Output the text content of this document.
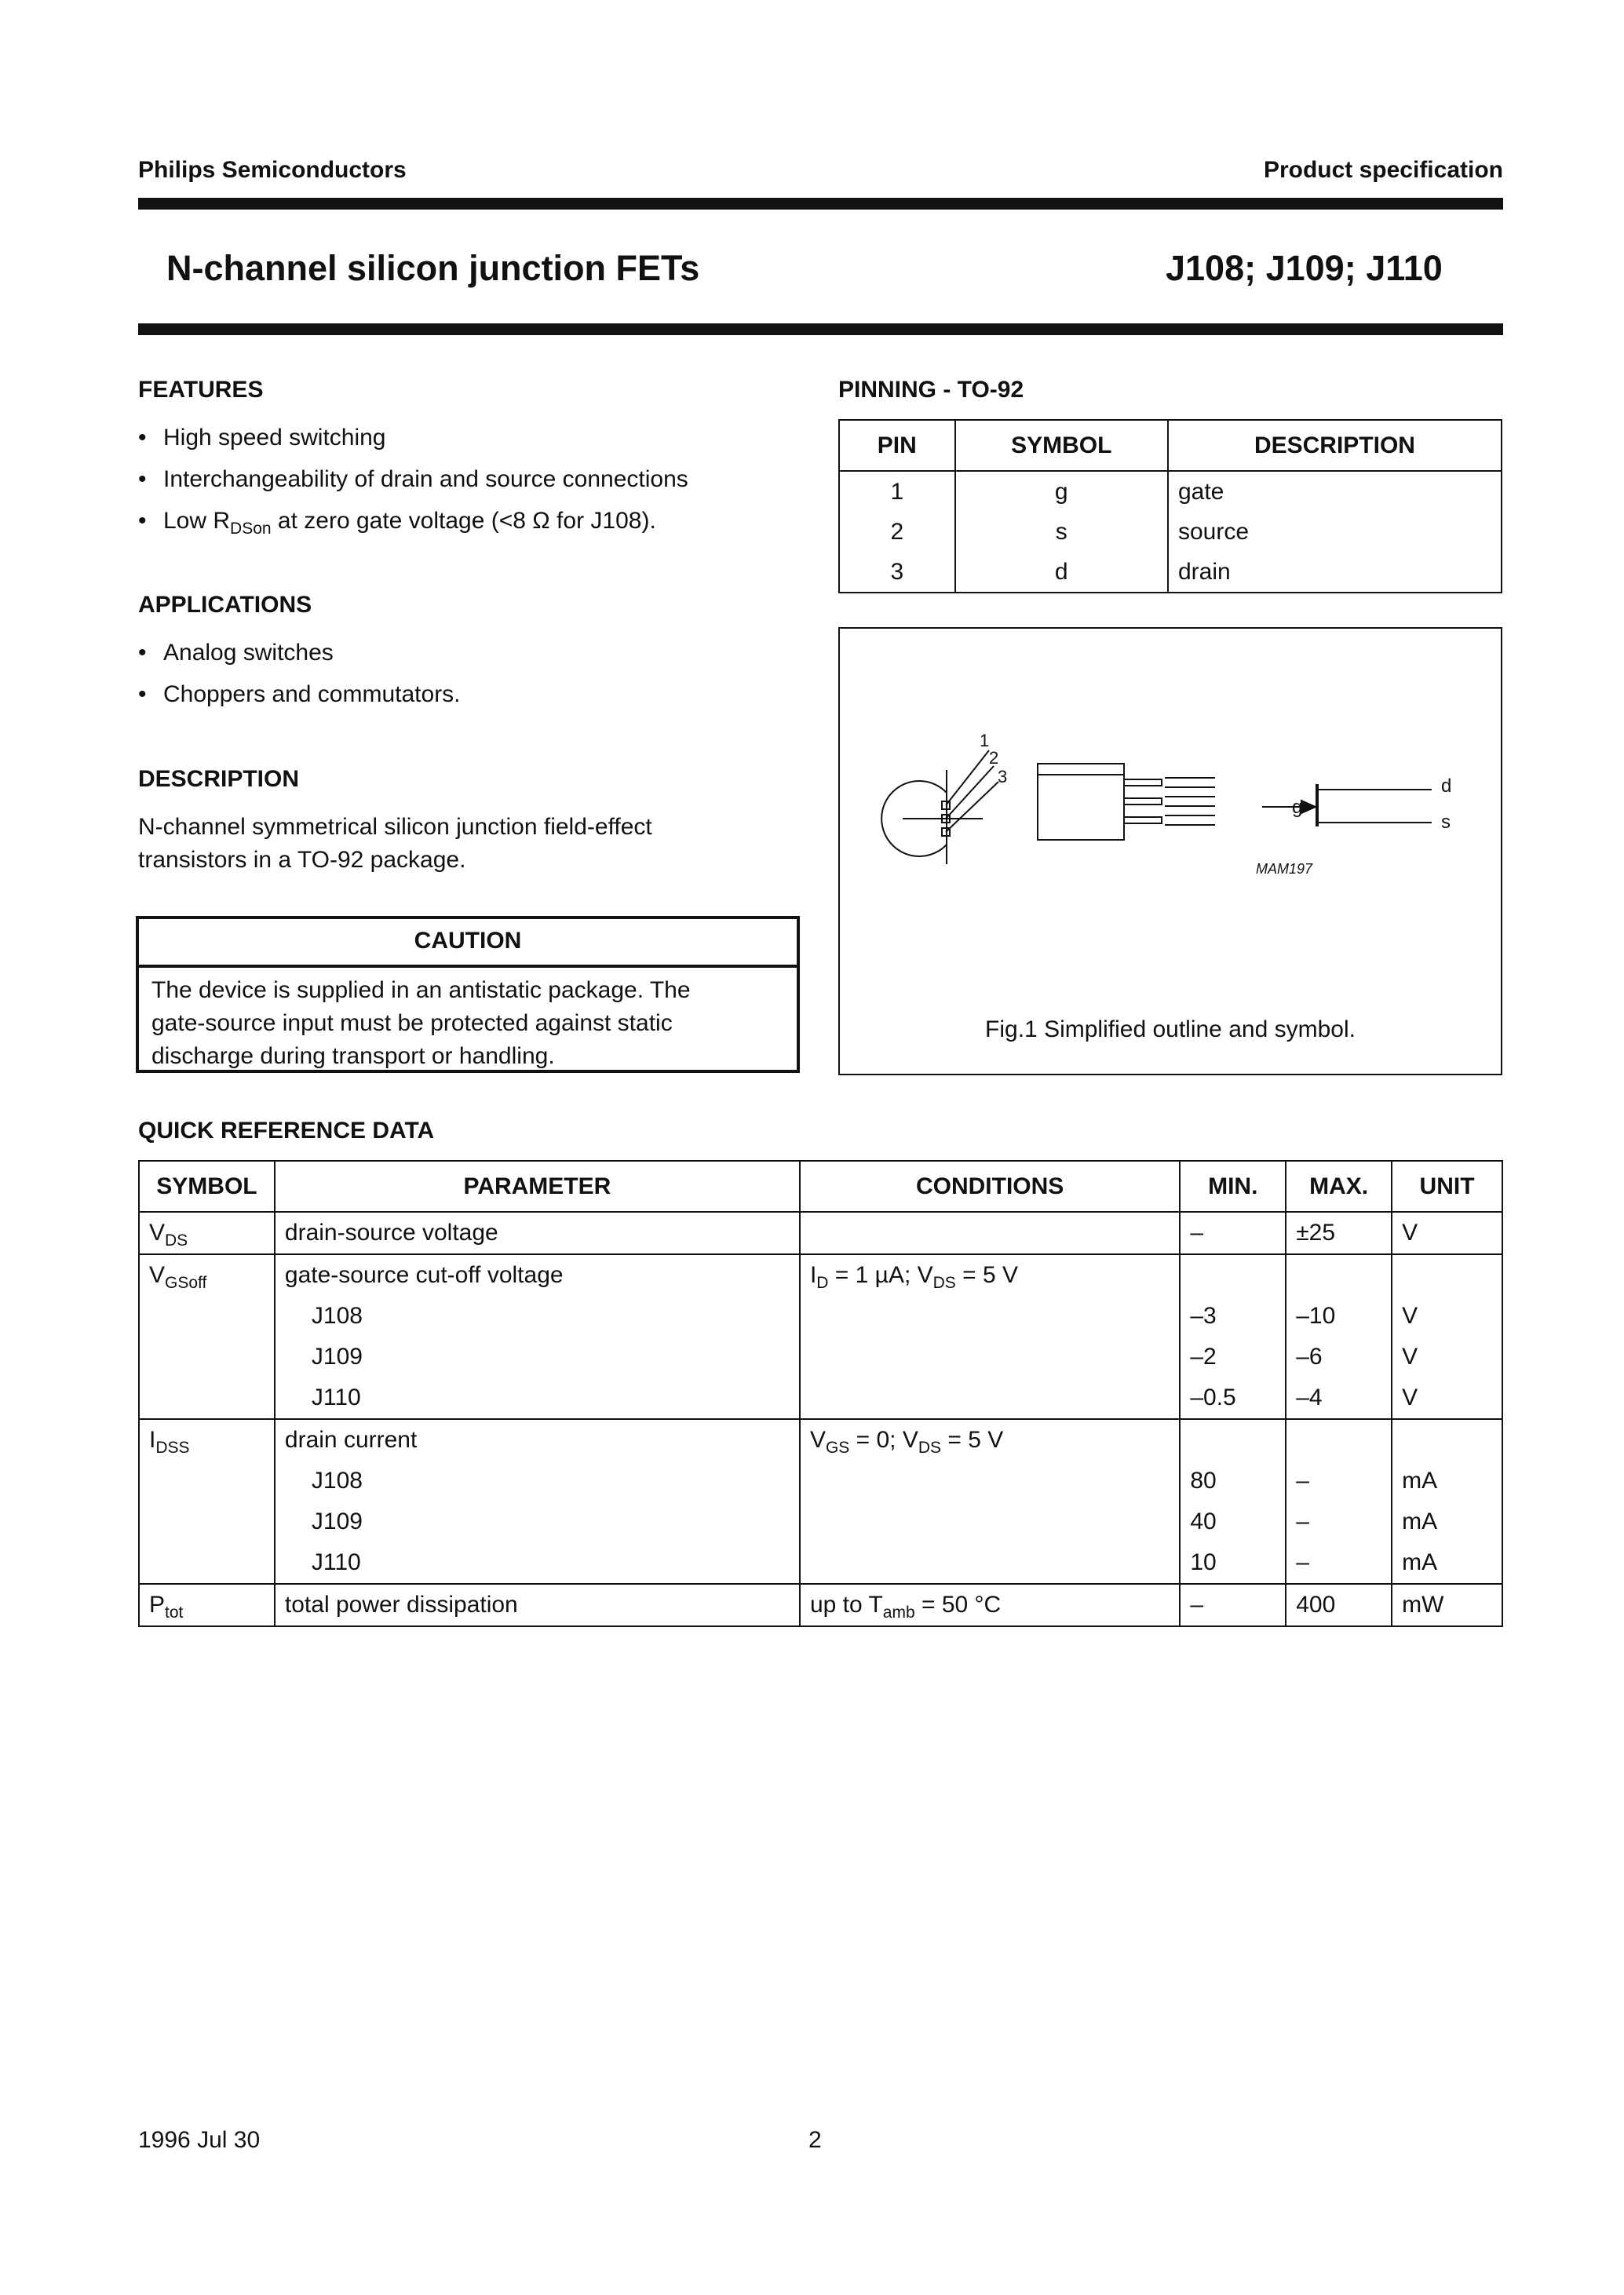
Philips Semiconductors	Product specification
N-channel silicon junction FETs	J108; J109; J110
FEATURES
• High speed switching
• Interchangeability of drain and source connections
• Low $R_{DSon}$ at zero gate voltage (<8 Ω for J108).
APPLICATIONS
• Analog switches
• Choppers and commutators.
DESCRIPTION
N-channel symmetrical silicon junction field-effect
transistors in a TO-92 package.
CAUTION
The device is supplied in an antistatic package. The
gate-source input must be protected against static
discharge during transport or handling.
PINNING - TO-92
PIN	SYMBOL	DESCRIPTION
1	g	gate
2	s	source
3	d	drain
1
2
3
g
d
s
MAM197
Fig.1 Simplified outline and symbol.
QUICK REFERENCE DATA
SYMBOL	PARAMETER	CONDITIONS	MIN.	MAX.	UNIT
$V_{DS}$	drain-source voltage		–	±25	V
$V_{GSoff}$	gate-source cut-off voltage	$I_D = 1$ µA; $V_{DS} = 5$ V			
	J108		–3	–10	V
	J109		–2	–6	V
	J110		–0.5	–4	V
$I_{DSS}$	drain current	$V_{GS} = 0$; $V_{DS} = 5$ V			
	J108		80	–	mA
	J109		40	–	mA
	J110		10	–	mA
$P_{tot}$	total power dissipation	up to $T_{amb} = 50$ °C	–	400	mW
1996 Jul 30	2
